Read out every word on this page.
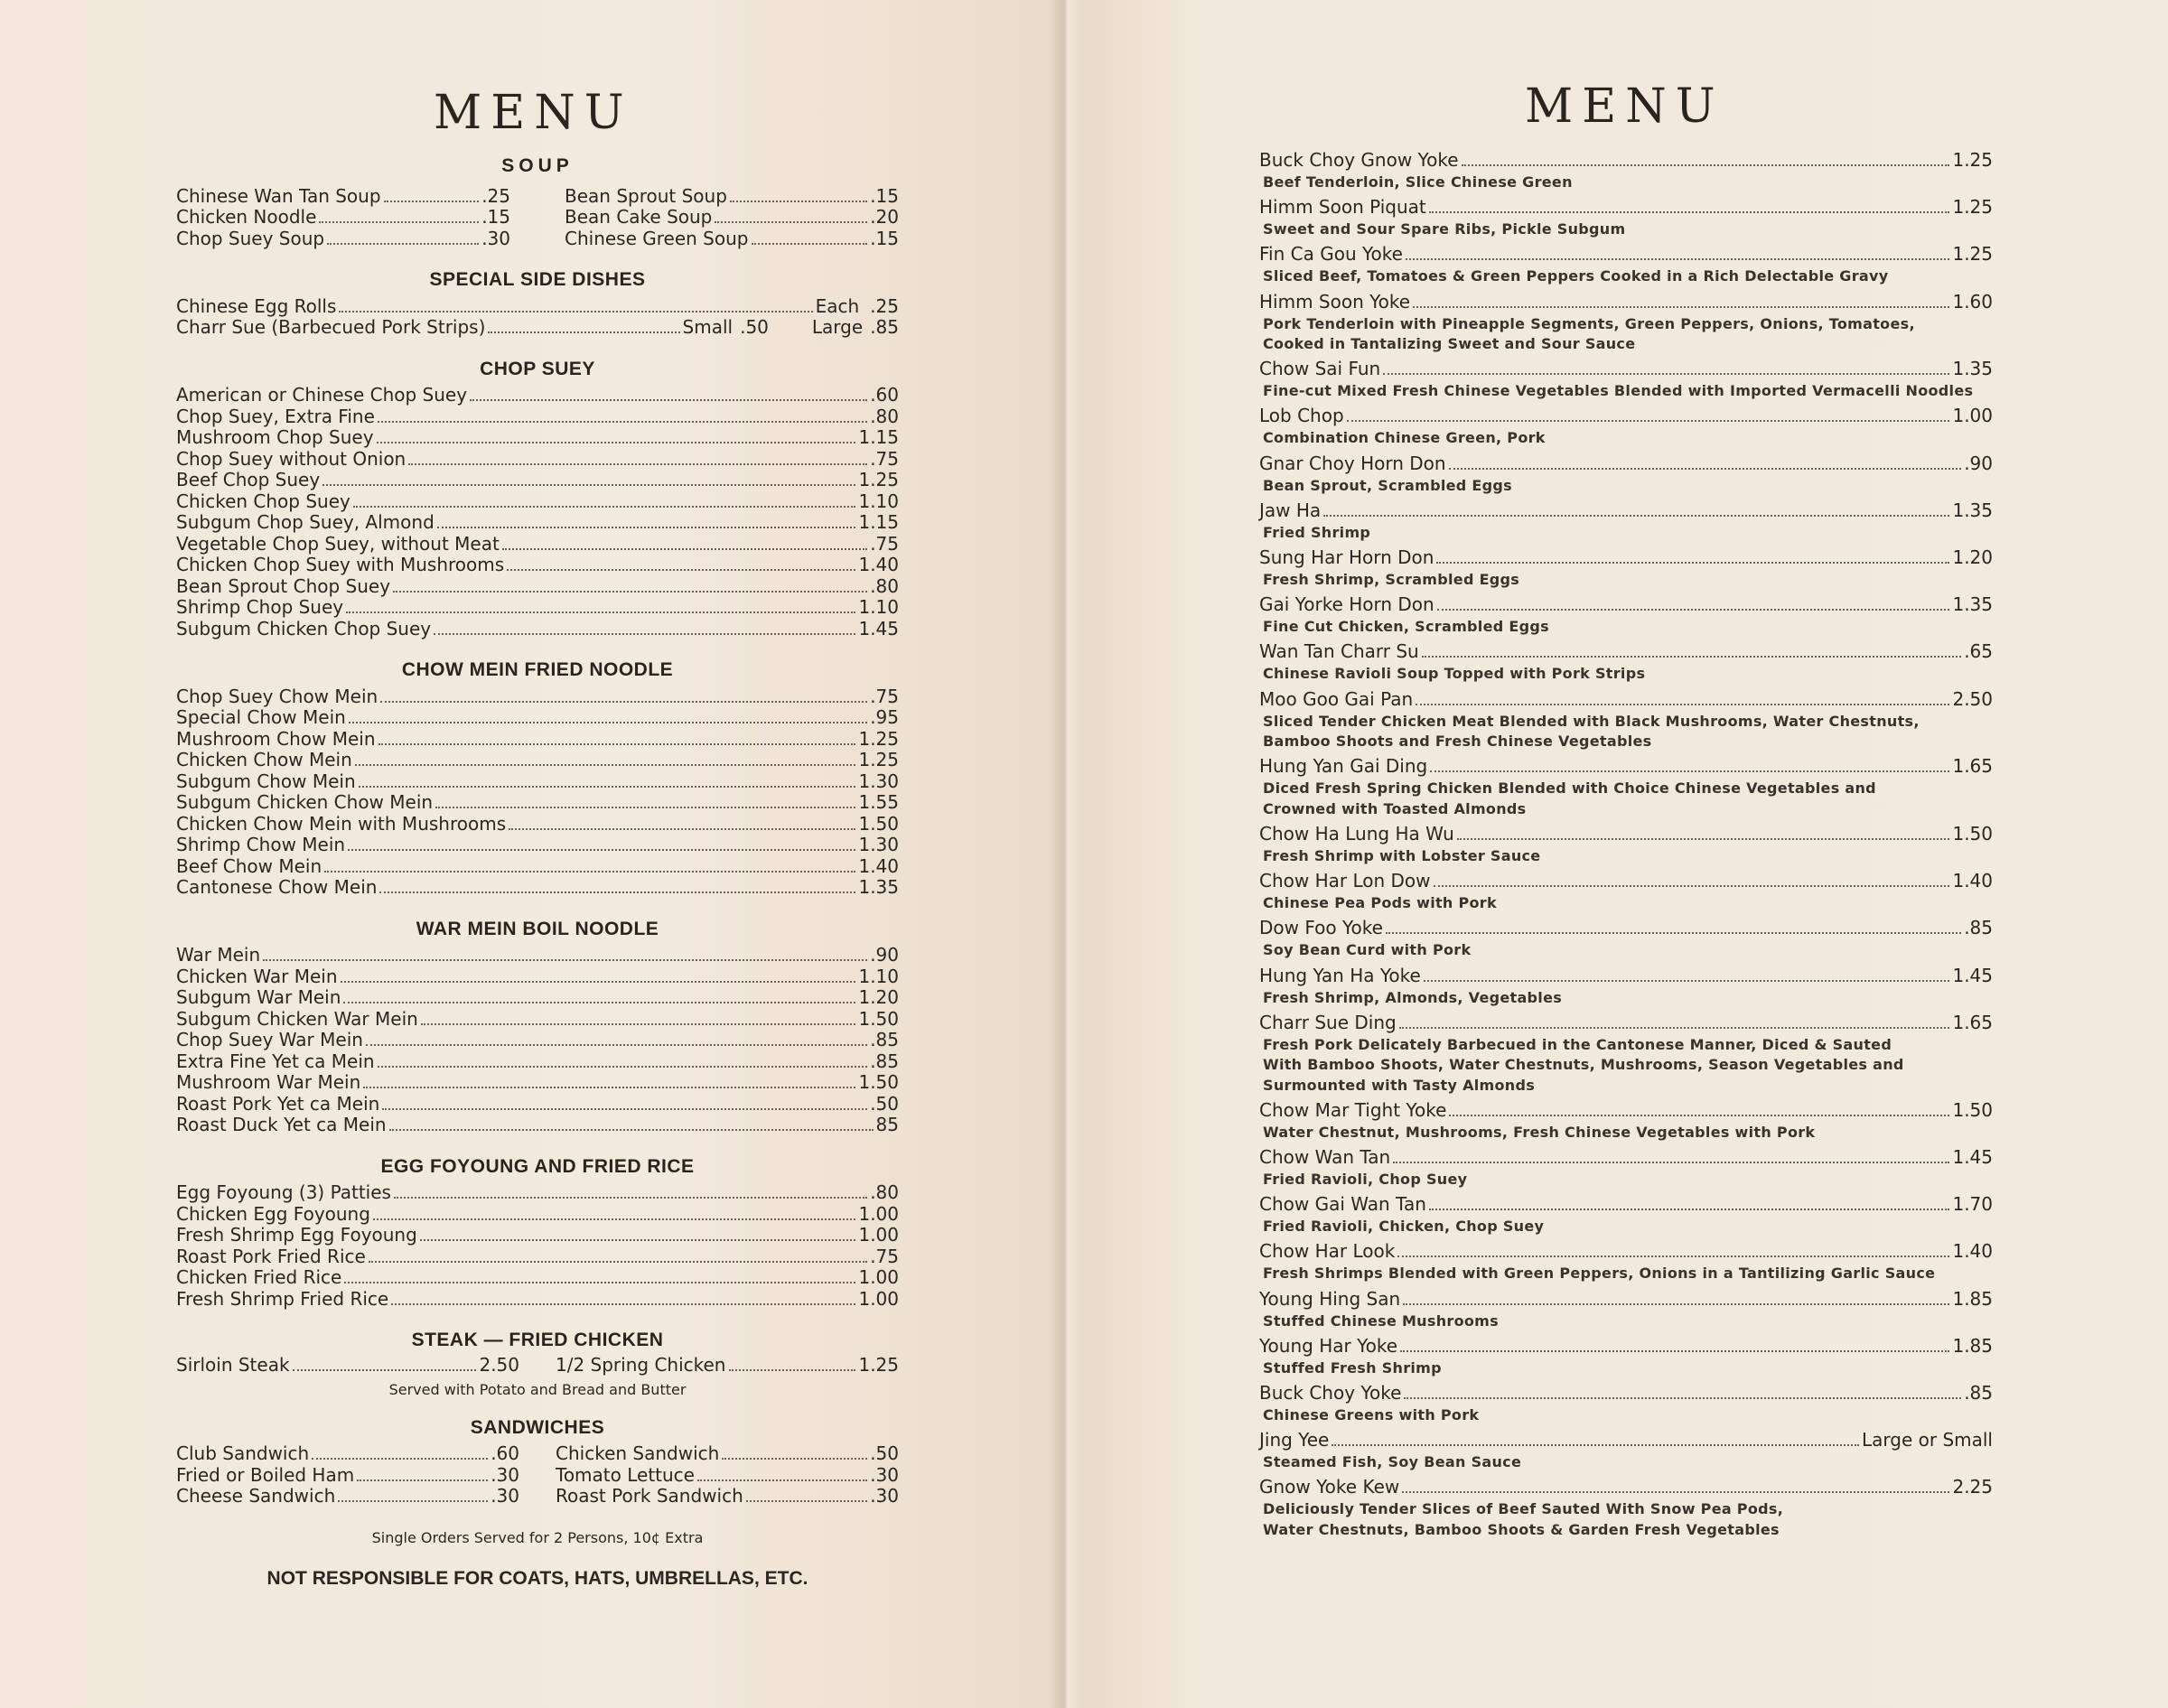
MENU	MENU
SOUP
Chinese Wan Tan Soup	.25
Chicken Noodle	.15
Chop Suey Soup	.30
Bean Sprout Soup	.15
Bean Cake Soup	.20
Chinese Green Soup	.15
SPECIAL SIDE DISHES
Chinese Egg Rolls	Each .25
Charr Sue (Barbecued Pork Strips)	Small .50 Large .85
CHOP SUEY
American or Chinese Chop Suey	.60
Chop Suey, Extra Fine	.80
Mushroom Chop Suey	1.15
Chop Suey without Onion	.75
Beef Chop Suey	1.25
Chicken Chop Suey	1.10
Subgum Chop Suey, Almond	1.15
Vegetable Chop Suey, without Meat	.75
Chicken Chop Suey with Mushrooms	1.40
Bean Sprout Chop Suey	.80
Shrimp Chop Suey	1.10
Subgum Chicken Chop Suey	1.45
CHOW MEIN FRIED NOODLE
Chop Suey Chow Mein	.75
Special Chow Mein	.95
Mushroom Chow Mein	1.25
Chicken Chow Mein	1.25
Subgum Chow Mein	1.30
Subgum Chicken Chow Mein	1.55
Chicken Chow Mein with Mushrooms	1.50
Shrimp Chow Mein	1.30
Beef Chow Mein	1.40
Cantonese Chow Mein	1.35
WAR MEIN BOIL NOODLE
War Mein	.90
Chicken War Mein	1.10
Subgum War Mein	1.20
Subgum Chicken War Mein	1.50
Chop Suey War Mein	.85
Extra Fine Yet ca Mein	.85
Mushroom War Mein	1.50
Roast Pork Yet ca Mein	.50
Roast Duck Yet ca Mein	85
EGG FOYOUNG AND FRIED RICE
Egg Foyoung (3) Patties	.80
Chicken Egg Foyoung	1.00
Fresh Shrimp Egg Foyoung	1.00
Roast Pork Fried Rice	.75
Chicken Fried Rice	1.00
Fresh Shrimp Fried Rice	1.00
STEAK — FRIED CHICKEN
Sirloin Steak	2.50 1/2 Spring Chicken	1.25
Served with Potato and Bread and Butter
SANDWICHES
Club Sandwich	.60
Fried or Boiled Ham	.30
Cheese Sandwich	.30
Chicken Sandwich	.50
Tomato Lettuce	.30
Roast Pork Sandwich	.30
Single Orders Served for 2 Persons, 10¢ Extra
NOT RESPONSIBLE FOR COATS, HATS, UMBRELLAS, ETC.
Buck Choy Gnow Yoke	1.25
Beef Tenderloin, Slice Chinese Green
Himm Soon Piquat	1.25
Sweet and Sour Spare Ribs, Pickle Subgum
Fin Ca Gou Yoke	1.25
Sliced Beef, Tomatoes & Green Peppers Cooked in a Rich Delectable Gravy
Himm Soon Yoke	1.60
Pork Tenderloin with Pineapple Segments, Green Peppers, Onions, Tomatoes,
Cooked in Tantalizing Sweet and Sour Sauce
Chow Sai Fun	1.35
Fine-cut Mixed Fresh Chinese Vegetables Blended with Imported Vermacelli Noodles
Lob Chop	1.00
Combination Chinese Green, Pork
Gnar Choy Horn Don	.90
Bean Sprout, Scrambled Eggs
Jaw Ha	1.35
Fried Shrimp
Sung Har Horn Don	1.20
Fresh Shrimp, Scrambled Eggs
Gai Yorke Horn Don	1.35
Fine Cut Chicken, Scrambled Eggs
Wan Tan Charr Su	.65
Chinese Ravioli Soup Topped with Pork Strips
Moo Goo Gai Pan	2.50
Sliced Tender Chicken Meat Blended with Black Mushrooms, Water Chestnuts,
Bamboo Shoots and Fresh Chinese Vegetables
Hung Yan Gai Ding	1.65
Diced Fresh Spring Chicken Blended with Choice Chinese Vegetables and
Crowned with Toasted Almonds
Chow Ha Lung Ha Wu	1.50
Fresh Shrimp with Lobster Sauce
Chow Har Lon Dow	1.40
Chinese Pea Pods with Pork
Dow Foo Yoke	.85
Soy Bean Curd with Pork
Hung Yan Ha Yoke	1.45
Fresh Shrimp, Almonds, Vegetables
Charr Sue Ding	1.65
Fresh Pork Delicately Barbecued in the Cantonese Manner, Diced & Sauted
With Bamboo Shoots, Water Chestnuts, Mushrooms, Season Vegetables and
Surmounted with Tasty Almonds
Chow Mar Tight Yoke	1.50
Water Chestnut, Mushrooms, Fresh Chinese Vegetables with Pork
Chow Wan Tan	1.45
Fried Ravioli, Chop Suey
Chow Gai Wan Tan	1.70
Fried Ravioli, Chicken, Chop Suey
Chow Har Look	1.40
Fresh Shrimps Blended with Green Peppers, Onions in a Tantilizing Garlic Sauce
Young Hing San	1.85
Stuffed Chinese Mushrooms
Young Har Yoke	1.85
Stuffed Fresh Shrimp
Buck Choy Yoke	.85
Chinese Greens with Pork
Jing Yee	Large or Small
Steamed Fish, Soy Bean Sauce
Gnow Yoke Kew	2.25
Deliciously Tender Slices of Beef Sauted With Snow Pea Pods,
Water Chestnuts, Bamboo Shoots & Garden Fresh Vegetables
